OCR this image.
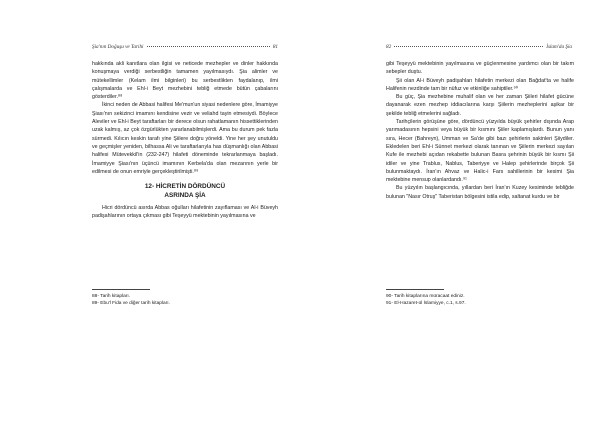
Şia'nın Doğuşu ve Tarihi	81

hakkında akli kanıtlara olan ilgisi ve neticede mezhepler ve dinler hakkında konuşmaya verdiği serbestliğin tamamen yayılmasıydı. Şia alimler ve mütekellimler (Kelam ilmi bilginleri) bu serbestlikten faydalanıp, ilmi çalışmalarda ve Ehl-i Beyt mezhebini tebliğ etmede bütün çabalarını gösterdiler.⁸⁸

İkinci neden de Abbasi halifesi Me'mun'un siyasi nedenlere göre, İmamiyye Şiası'nın sekizinci imamını kendisine vezir ve veliahd tayin etmesiydi. Böylece Aleviler ve Ehl-i Beyt taraftarları bir derece olsun rahatlamanın hissettiklerinden uzak kalmış, az çok özgürlükten yararlanabilmişlerdi. Ama bu durum pek fazla sürmedi. Kılıcın keskin tarafı yine Şiilere doğru yöneldi. Yine her şey unutuldu ve geçmişler yeniden, bilhassa Ali ve taraftarlarıyla has düşmanlığı olan Abbasi halifesi Mütevekkil'in (232-247) hilafeti döneminde tekrarlanmaya başladı. İmamiyye Şiası'nın üçüncü imamının Kerbela'da olan mezarının yerle bir edilmesi de onun emriyle gerçekleştirilmişti.⁸⁹

12- HİCRETİN DÖRDÜNCÜ
ASRINDA ŞİA

Hicri dördüncü asırda Abbas oğulları hilafetinin zayıflaması ve Al-i Büveyh padişahlarının ortaya çıkması gibi Teşeyyü mektebinin yayılmasına ve

88- Tarih kitapları.
89- Ebu'l Fida ve diğer tarih kitapları.
82	İslam'da Şia

gibi Teşeyyü mektebinin yayılmasına ve güçlenmesine yardımcı olan bir takım sebepler duştu.

Şii olan Al-i Büveyh padişahları hilafetin merkezi olan Bağdat'ta ve halife Halifenin nezdinde tam bir nüfuz ve etkinliğe sahiptiler.⁹⁰

Bu güç, Şia mezhebine muhalif olan ve her zaman Şiileri hilafet gücüne dayanarak ezen mezhep iddiacılarına karşı Şiilerin mezheplerini aşikar bir şekilde tebliğ etmelerini sağladı.

Tarihçilerin görüşüne göre, dördüncü yüzyılda büyük şehirler dışında Arap yarımadasının hepsini veya büyük bir kısmını Şiiler kaplamışlardı. Bunun yanı sıra, Hecer (Bahreyn), Umman ve Sa'de gibi bazı şehirlerin sakinleri Şiiydiler. Ekledelen beri Ehl-i Sünnet merkezi olarak tanınan ve Şiilerin merkezi sayılan Kufe ile mezhebi açıdan rekabette bulunan Basra şehrinin büyük bir kısmı Şii idiler ve yine Trablus, Nablus, Taberiyye ve Halep şehirlerinde birçok Şii bulunmaktaydı. İran'ın Ahvaz ve Halic-i Fars sahillerinin bir kesimi Şia mektebine mensup olanlardandı.⁹¹

Bu yüzyılın başlangıcında, yıllardan beri İran'ın Kuzey kesiminde tebliğde bulunan "Nasır Otruş" Taberistan bölgesini istila edip, saltanat kurdu ve bir

90- Tarih kitaplarına müracaat ediniz.
91- El-Hazaret-ül İslamiyye, c.1, s.97.
